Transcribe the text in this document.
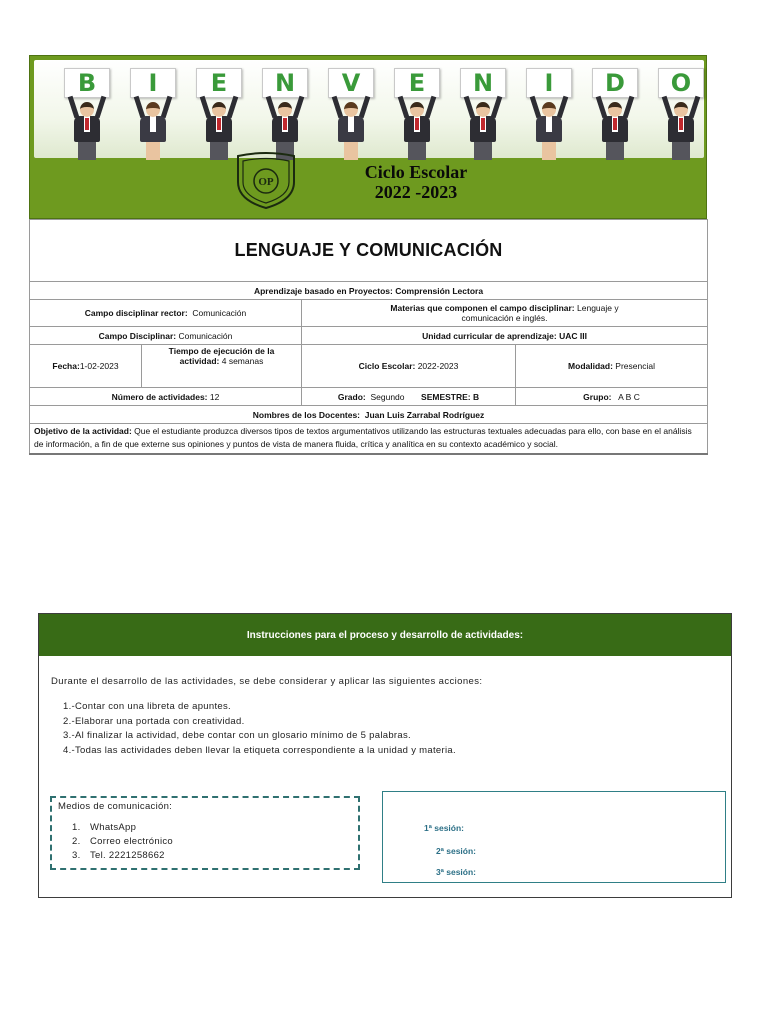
B	I	E	N	V	E	N	I	D	O
OP	Ciclo Escolar
2022 -2023
LENGUAJE Y COMUNICACIÓN			
Aprendizaje basado en Proyectos: Comprensión Lectora			
Campo disciplinar rector: Comunicación		Materias que componen el campo disciplinar: Lenguaje y
comunicación e inglés.	
Campo Disciplinar: Comunicación		Unidad curricular de aprendizaje: UAC III	
Fecha:1-02-2023	Tiempo de ejecución de la
actividad: 4 semanas	Ciclo Escolar: 2022-2023	Modalidad: Presencial
Número de actividades: 12		Grado: Segundo SEMESTRE: B	Grupo: A B C
Nombres de los Docentes: Juan Luis Zarrabal Rodríguez			
Objetivo de la actividad: Que el estudiante produzca diversos tipos de textos argumentativos utilizando las estructuras textuales adecuadas para ello, con base en el análisis de información, a fin de que externe sus opiniones y puntos de vista de manera fluida, crítica y analítica en su contexto académico y social.			
Instrucciones para el proceso y desarrollo de actividades:
Durante el desarrollo de las actividades, se debe considerar y aplicar las siguientes acciones:
1.-Contar con una libreta de apuntes.
2.-Elaborar una portada con creatividad.
3.-Al finalizar la actividad, debe contar con un glosario mínimo de 5 palabras.
4.-Todas las actividades deben llevar la etiqueta correspondiente a la unidad y materia.
Medios de comunicación:
1. WhatsApp
2. Correo electrónico
3. Tel. 2221258662
1ª sesión:
2ª sesión:
3ª sesión:
